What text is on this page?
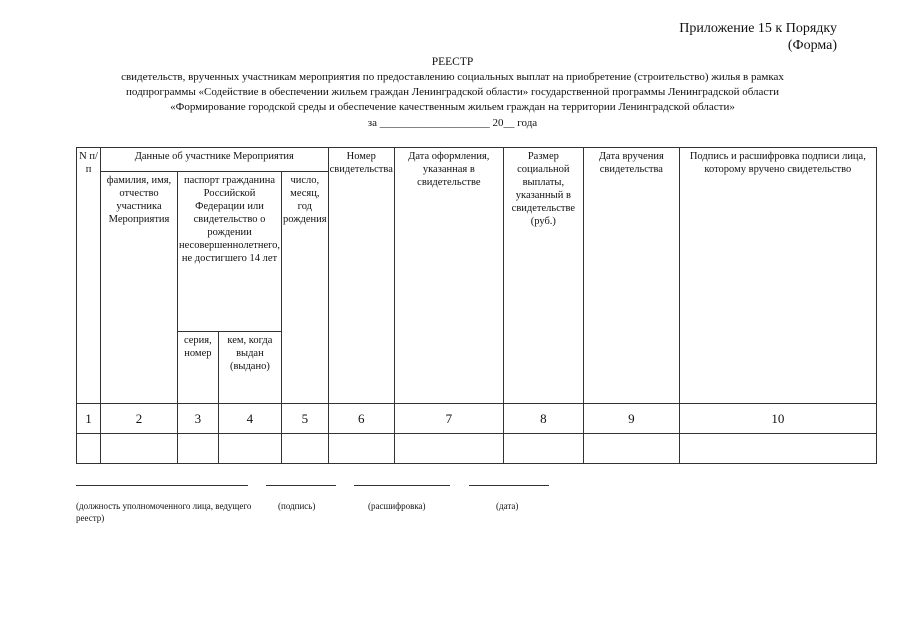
Приложение 15 к Порядку
(Форма)
РЕЕСТР
свидетельств, врученных участникам мероприятия по предоставлению социальных выплат на приобретение (строительство) жилья в рамках
подпрограммы «Содействие в обеспечении жильем граждан Ленинградской области» государственной программы Ленинградской области
«Формирование городской среды и обеспечение качественным жильем граждан на территории Ленинградской области»
за ____________________ 20__ года
N п/п	Данные об участнике Мероприятия				Номер свидетельства	Дата оформления, указанная в свидетельстве	Размер социальной выплаты, указанный в свидетельстве (руб.)	Дата вручения свидетельства	Подпись и расшифровка подписи лица, которому вручено свидетельство
	фамилия, имя, отчество участника Мероприятия	паспорт гражданина Российской Федерации или свидетельство о рождении несовершеннолетнего, не достигшего 14 лет		число, месяц, год рождения					
		серия, номер	кем, когда выдан (выдано)						
1	2	3	4	5	6	7	8	9	10

(должность уполномоченного лица, ведущего реестр)
(подпись)	(расшифровка)	(дата)
